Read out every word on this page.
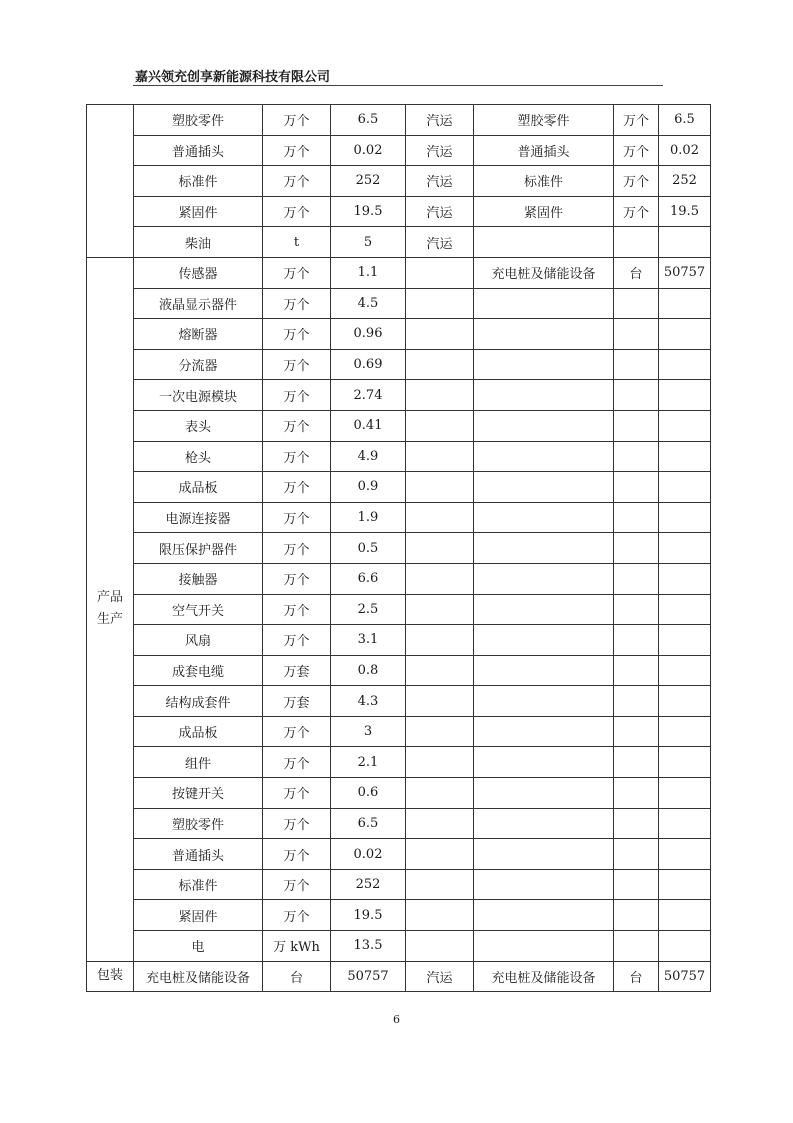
嘉兴领充创享新能源科技有限公司
	塑胶零件	万个	6.5	汽运	塑胶零件	万个	6.5
	普通插头	万个	0.02	汽运	普通插头	万个	0.02
	标准件	万个	252	汽运	标准件	万个	252
	紧固件	万个	19.5	汽运	紧固件	万个	19.5
	柴油	t	5	汽运			
产品
生产	传感器	万个	1.1		充电桩及储能设备	台	50757
	液晶显示器件	万个	4.5				
	熔断器	万个	0.96				
	分流器	万个	0.69				
	一次电源模块	万个	2.74				
	表头	万个	0.41				
	枪头	万个	4.9				
	成品板	万个	0.9				
	电源连接器	万个	1.9				
	限压保护器件	万个	0.5				
	接触器	万个	6.6				
	空气开关	万个	2.5				
	风扇	万个	3.1				
	成套电缆	万套	0.8				
	结构成套件	万套	4.3				
	成品板	万个	3				
	组件	万个	2.1				
	按键开关	万个	0.6				
	塑胶零件	万个	6.5				
	普通插头	万个	0.02				
	标准件	万个	252				
	紧固件	万个	19.5				
	电	万 kWh	13.5				
包装	充电桩及储能设备	台	50757	汽运	充电桩及储能设备	台	50757
6
